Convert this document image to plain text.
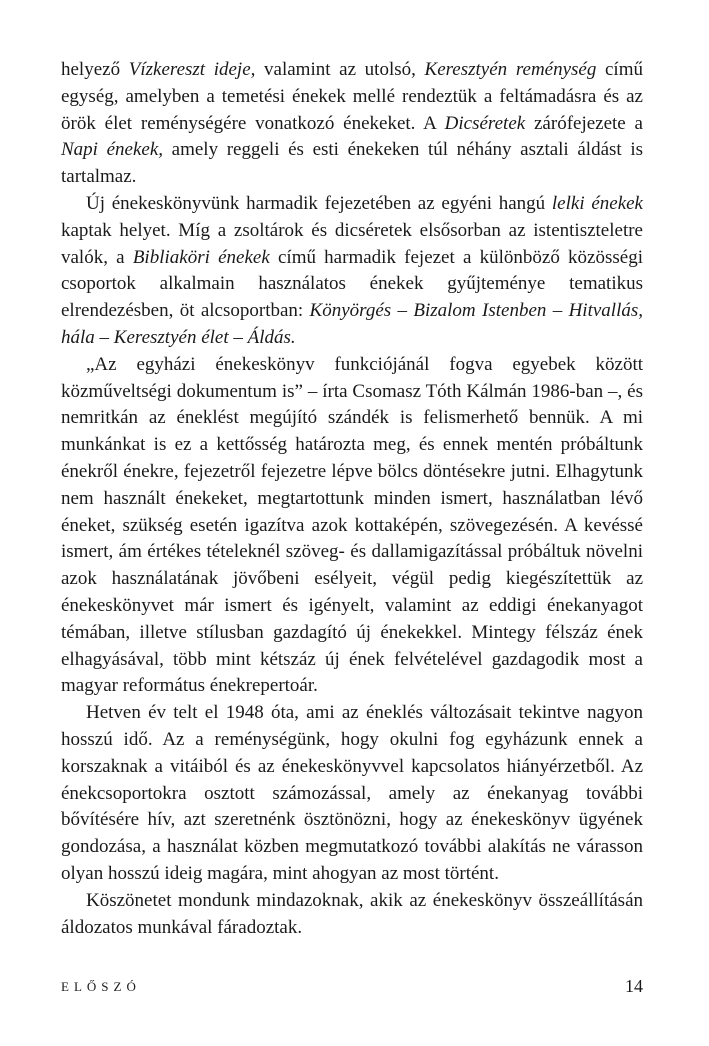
helyező Vízkereszt ideje, valamint az utolsó, Keresztyén reménység című egység, amelyben a temetési énekek mellé rendeztük a feltámadásra és az örök élet reménységére vonatkozó énekeket. A Dicséretek zárófejezete a Napi énekek, amely reggeli és esti énekeken túl néhány asztali áldást is tartalmaz.

Új énekeskönyvünk harmadik fejezetében az egyéni hangú lelki énekek kaptak helyet. Míg a zsoltárok és dicséretek elsősorban az istentiszteletre valók, a Bibliaköri énekek című harmadik fejezet a különböző közösségi csoportok alkalmain használatos énekek gyűjteménye tematikus elrendezésben, öt alcsoportban: Könyörgés – Bizalom Istenben – Hitvallás, hála – Keresztyén élet – Áldás.

„Az egyházi énekeskönyv funkciójánál fogva egyebek között közműveltségi dokumentum is” – írta Csomasz Tóth Kálmán 1986-ban –, és nemritkán az éneklést megújító szándék is felismerhető bennük. A mi munkánkat is ez a kettősség határozta meg, és ennek mentén próbáltunk énekről énekre, fejezetről fejezetre lépve bölcs döntésekre jutni. Elhagytunk nem használt énekeket, megtartottunk minden ismert, használatban lévő éneket, szükség esetén igazítva azok kottaképén, szövegezésén. A kevéssé ismert, ám értékes tételeknél szöveg- és dallamigazítással próbáltuk növelni azok használatának jövőbeni esélyeit, végül pedig kiegészítettük az énekeskönyvet már ismert és igényelt, valamint az eddigi énekanyagot témában, illetve stílusban gazdagító új énekekkel. Mintegy félszáz ének elhagyásával, több mint kétszáz új ének felvételével gazdagodik most a magyar református énekrepertoár.

Hetven év telt el 1948 óta, ami az éneklés változásait tekintve nagyon hosszú idő. Az a reménységünk, hogy okulni fog egyházunk ennek a korszaknak a vitáiból és az énekeskönyvvel kapcsolatos hiányérzetből. Az énekcsoportokra osztott számozással, amely az énekanyag további bővítésére hív, azt szeretnénk ösztönözni, hogy az énekeskönyv ügyének gondozása, a használat közben megmutatkozó további alakítás ne várasson olyan hosszú ideig magára, mint ahogyan az most történt.

Köszönetet mondunk mindazoknak, akik az énekeskönyv összeállításán áldozatos munkával fáradoztak.

ELŐSZÓ	14
